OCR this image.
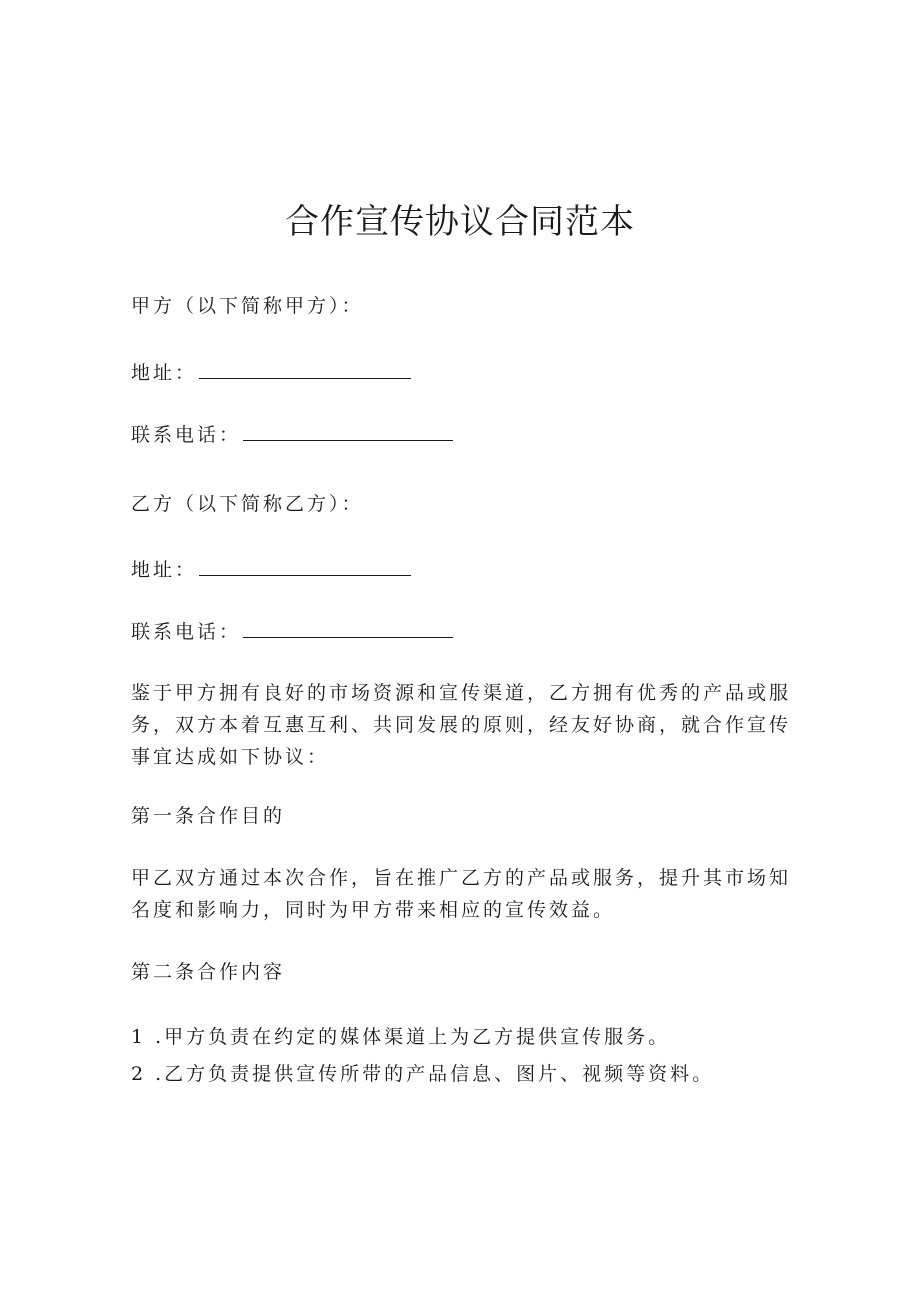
合作宣传协议合同范本

甲方（以下简称甲方）：

地址：

联系电话：

乙方（以下简称乙方）：

地址：

联系电话：

鉴于甲方拥有良好的市场资源和宣传渠道，乙方拥有优秀的产品或服务，双方本着互惠互利、共同发展的原则，经友好协商，就合作宣传事宜达成如下协议：

第一条合作目的

甲乙双方通过本次合作，旨在推广乙方的产品或服务，提升其市场知名度和影响力，同时为甲方带来相应的宣传效益。

第二条合作内容

1 .甲方负责在约定的媒体渠道上为乙方提供宣传服务。

2 .乙方负责提供宣传所带的产品信息、图片、视频等资料。
